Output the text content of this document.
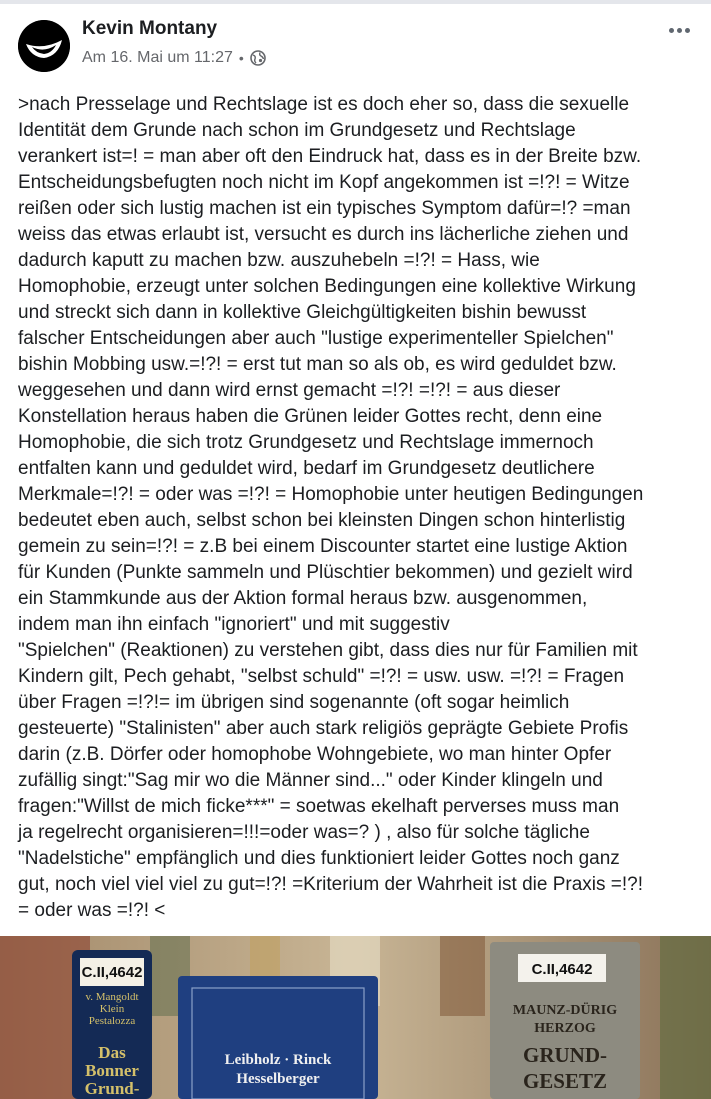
Kevin Montany
Am 16. Mai um 11:27 •

>nach Presselage und Rechtslage ist es doch eher so, dass die sexuelle

Identität dem Grunde nach schon im Grundgesetz und Rechtslage

verankert ist=! = man aber oft den Eindruck hat, dass es in der Breite bzw.

Entscheidungsbefugten noch nicht im Kopf angekommen ist =!?! = Witze

reißen oder sich lustig machen ist ein typisches Symptom dafür=!? =man

weiss das etwas erlaubt ist, versucht es durch ins lächerliche ziehen und

dadurch kaputt zu machen bzw. auszuhebeln =!?! = Hass, wie

Homophobie, erzeugt unter solchen Bedingungen eine kollektive Wirkung

und streckt sich dann in kollektive Gleichgültigkeiten bishin bewusst

falscher Entscheidungen aber auch "lustige experimenteller Spielchen"

bishin Mobbing usw.=!?! = erst tut man so als ob, es wird geduldet bzw.

weggesehen und dann wird ernst gemacht =!?! =!?! = aus dieser

Konstellation heraus haben die Grünen leider Gottes recht, denn eine

Homophobie, die sich trotz Grundgesetz und Rechtslage immernoch

entfalten kann und geduldet wird, bedarf im Grundgesetz deutlichere

Merkmale=!?! = oder was =!?! = Homophobie unter heutigen Bedingungen

bedeutet eben auch, selbst schon bei kleinsten Dingen schon hinterlistig

gemein zu sein=!?! = z.B bei einem Discounter startet eine lustige Aktion

für Kunden (Punkte sammeln und Plüschtier bekommen) und gezielt wird

ein Stammkunde aus der Aktion formal heraus bzw. ausgenommen,

indem man ihn einfach "ignoriert" und mit suggestiv

"Spielchen" (Reaktionen) zu verstehen gibt, dass dies nur für Familien mit

Kindern gilt, Pech gehabt, "selbst schuld" =!?! = usw. usw. =!?! = Fragen

über Fragen =!?!= im übrigen sind sogenannte (oft sogar heimlich

gesteuerte) "Stalinisten" aber auch stark religiös geprägte Gebiete Profis

darin (z.B. Dörfer oder homophobe Wohngebiete, wo man hinter Opfer

zufällig singt:"Sag mir wo die Männer sind..." oder Kinder klingeln und

fragen:"Willst de mich ficke***" = soetwas ekelhaft perverses muss man

ja regelrecht organisieren=!!!=oder was=? ) , also für solche tägliche

"Nadelstiche" empfänglich und dies funktioniert leider Gottes noch ganz

gut, noch viel viel viel zu gut=!?! =Kriterium der Wahrheit ist die Praxis =!?!

= oder was =!?! <

C.II,4642
v. Mangoldt
Klein
Pestalozza
Das
Bonner
Grund-
Leibholz · Rinck
Hesselberger
C.II,4642
MAUNZ-DÜRIG
HERZOG
GRUND-
GESETZ
